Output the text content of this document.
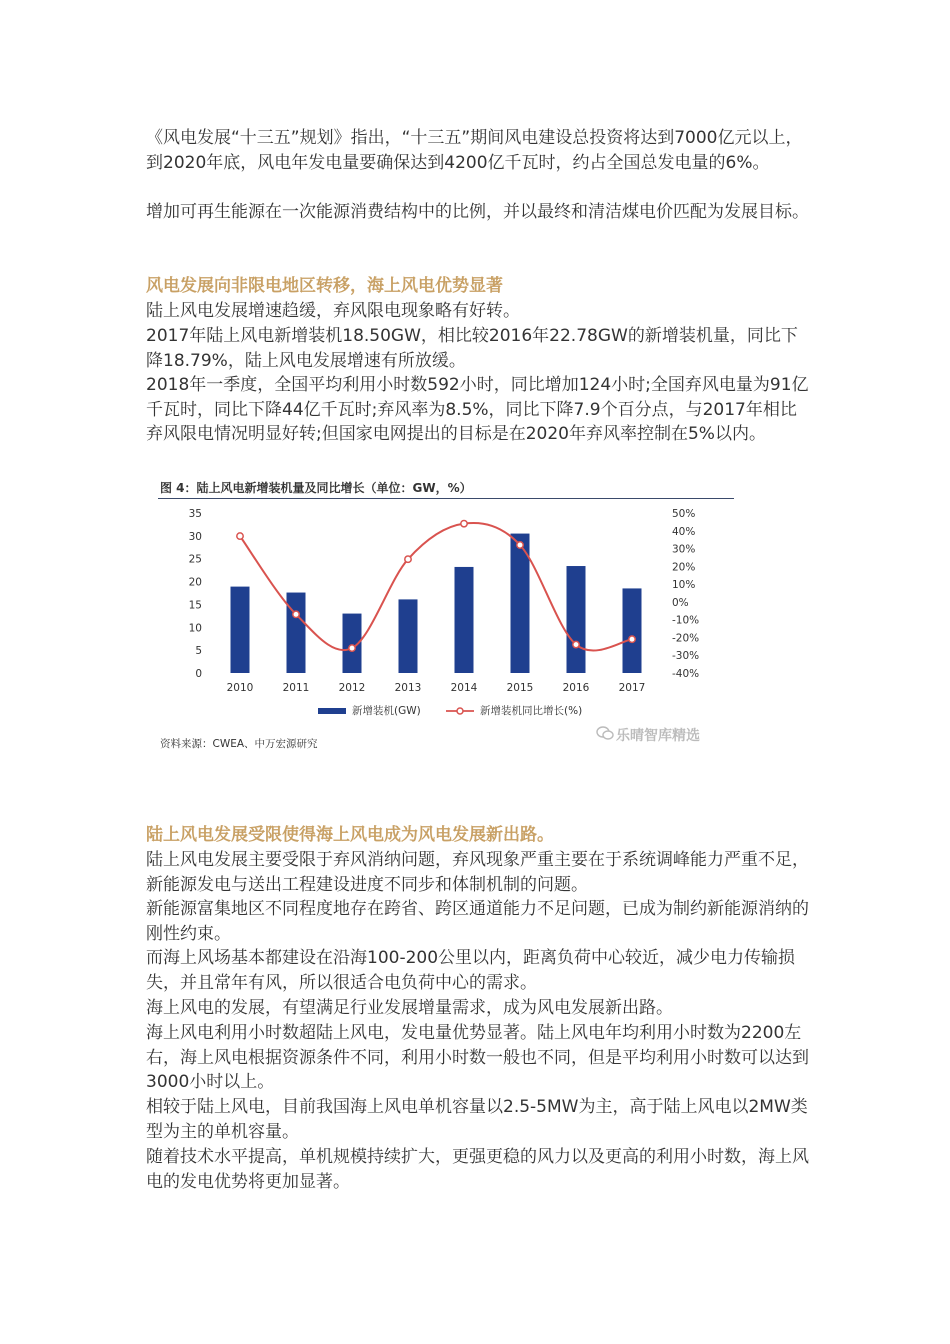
《风电发展“十三五”规划》指出，“十三五”期间风电建设总投资将达到7000亿元以上，到2020年底，风电年发电量要确保达到4200亿千瓦时，约占全国总发电量的6%。

增加可再生能源在一次能源消费结构中的比例，并以最终和清洁煤电价匹配为发展目标。

风电发展向非限电地区转移，海上风电优势显著

陆上风电发展增速趋缓，弃风限电现象略有好转。

2017年陆上风电新增装机18.50GW，相比较2016年22.78GW的新增装机量，同比下降18.79%，陆上风电发展增速有所放缓。

2018年一季度，全国平均利用小时数592小时，同比增加124小时;全国弃风电量为91亿千瓦时，同比下降44亿千瓦时;弃风率为8.5%，同比下降7.9个百分点，与2017年相比弃风限电情况明显好转;但国家电网提出的目标是在2020年弃风率控制在5%以内。

图 4：陆上风电新增装机量及同比增长（单位：GW，%）
0
5
10
15
20
25
30
35
-40%
-30%
-20%
-10%
0%
10%
20%
30%
40%
50%
2010	2011	2012	2013	2014	2015	2016	2017
新增装机(GW)	新增装机同比增长(%)
资料来源：CWEA、中万宏源研究	乐晴智库精选

陆上风电发展受限使得海上风电成为风电发展新出路。

陆上风电发展主要受限于弃风消纳问题，弃风现象严重主要在于系统调峰能力严重不足，新能源发电与送出工程建设进度不同步和体制机制的问题。

新能源富集地区不同程度地存在跨省、跨区通道能力不足问题，已成为制约新能源消纳的刚性约束。

而海上风场基本都建设在沿海100-200公里以内，距离负荷中心较近，减少电力传输损失，并且常年有风，所以很适合电负荷中心的需求。

海上风电的发展，有望满足行业发展增量需求，成为风电发展新出路。

海上风电利用小时数超陆上风电，发电量优势显著。陆上风电年均利用小时数为2200左右，海上风电根据资源条件不同，利用小时数一般也不同，但是平均利用小时数可以达到3000小时以上。

相较于陆上风电，目前我国海上风电单机容量以2.5-5MW为主，高于陆上风电以2MW类型为主的单机容量。

随着技术水平提高，单机规模持续扩大，更强更稳的风力以及更高的利用小时数，海上风电的发电优势将更加显著。
